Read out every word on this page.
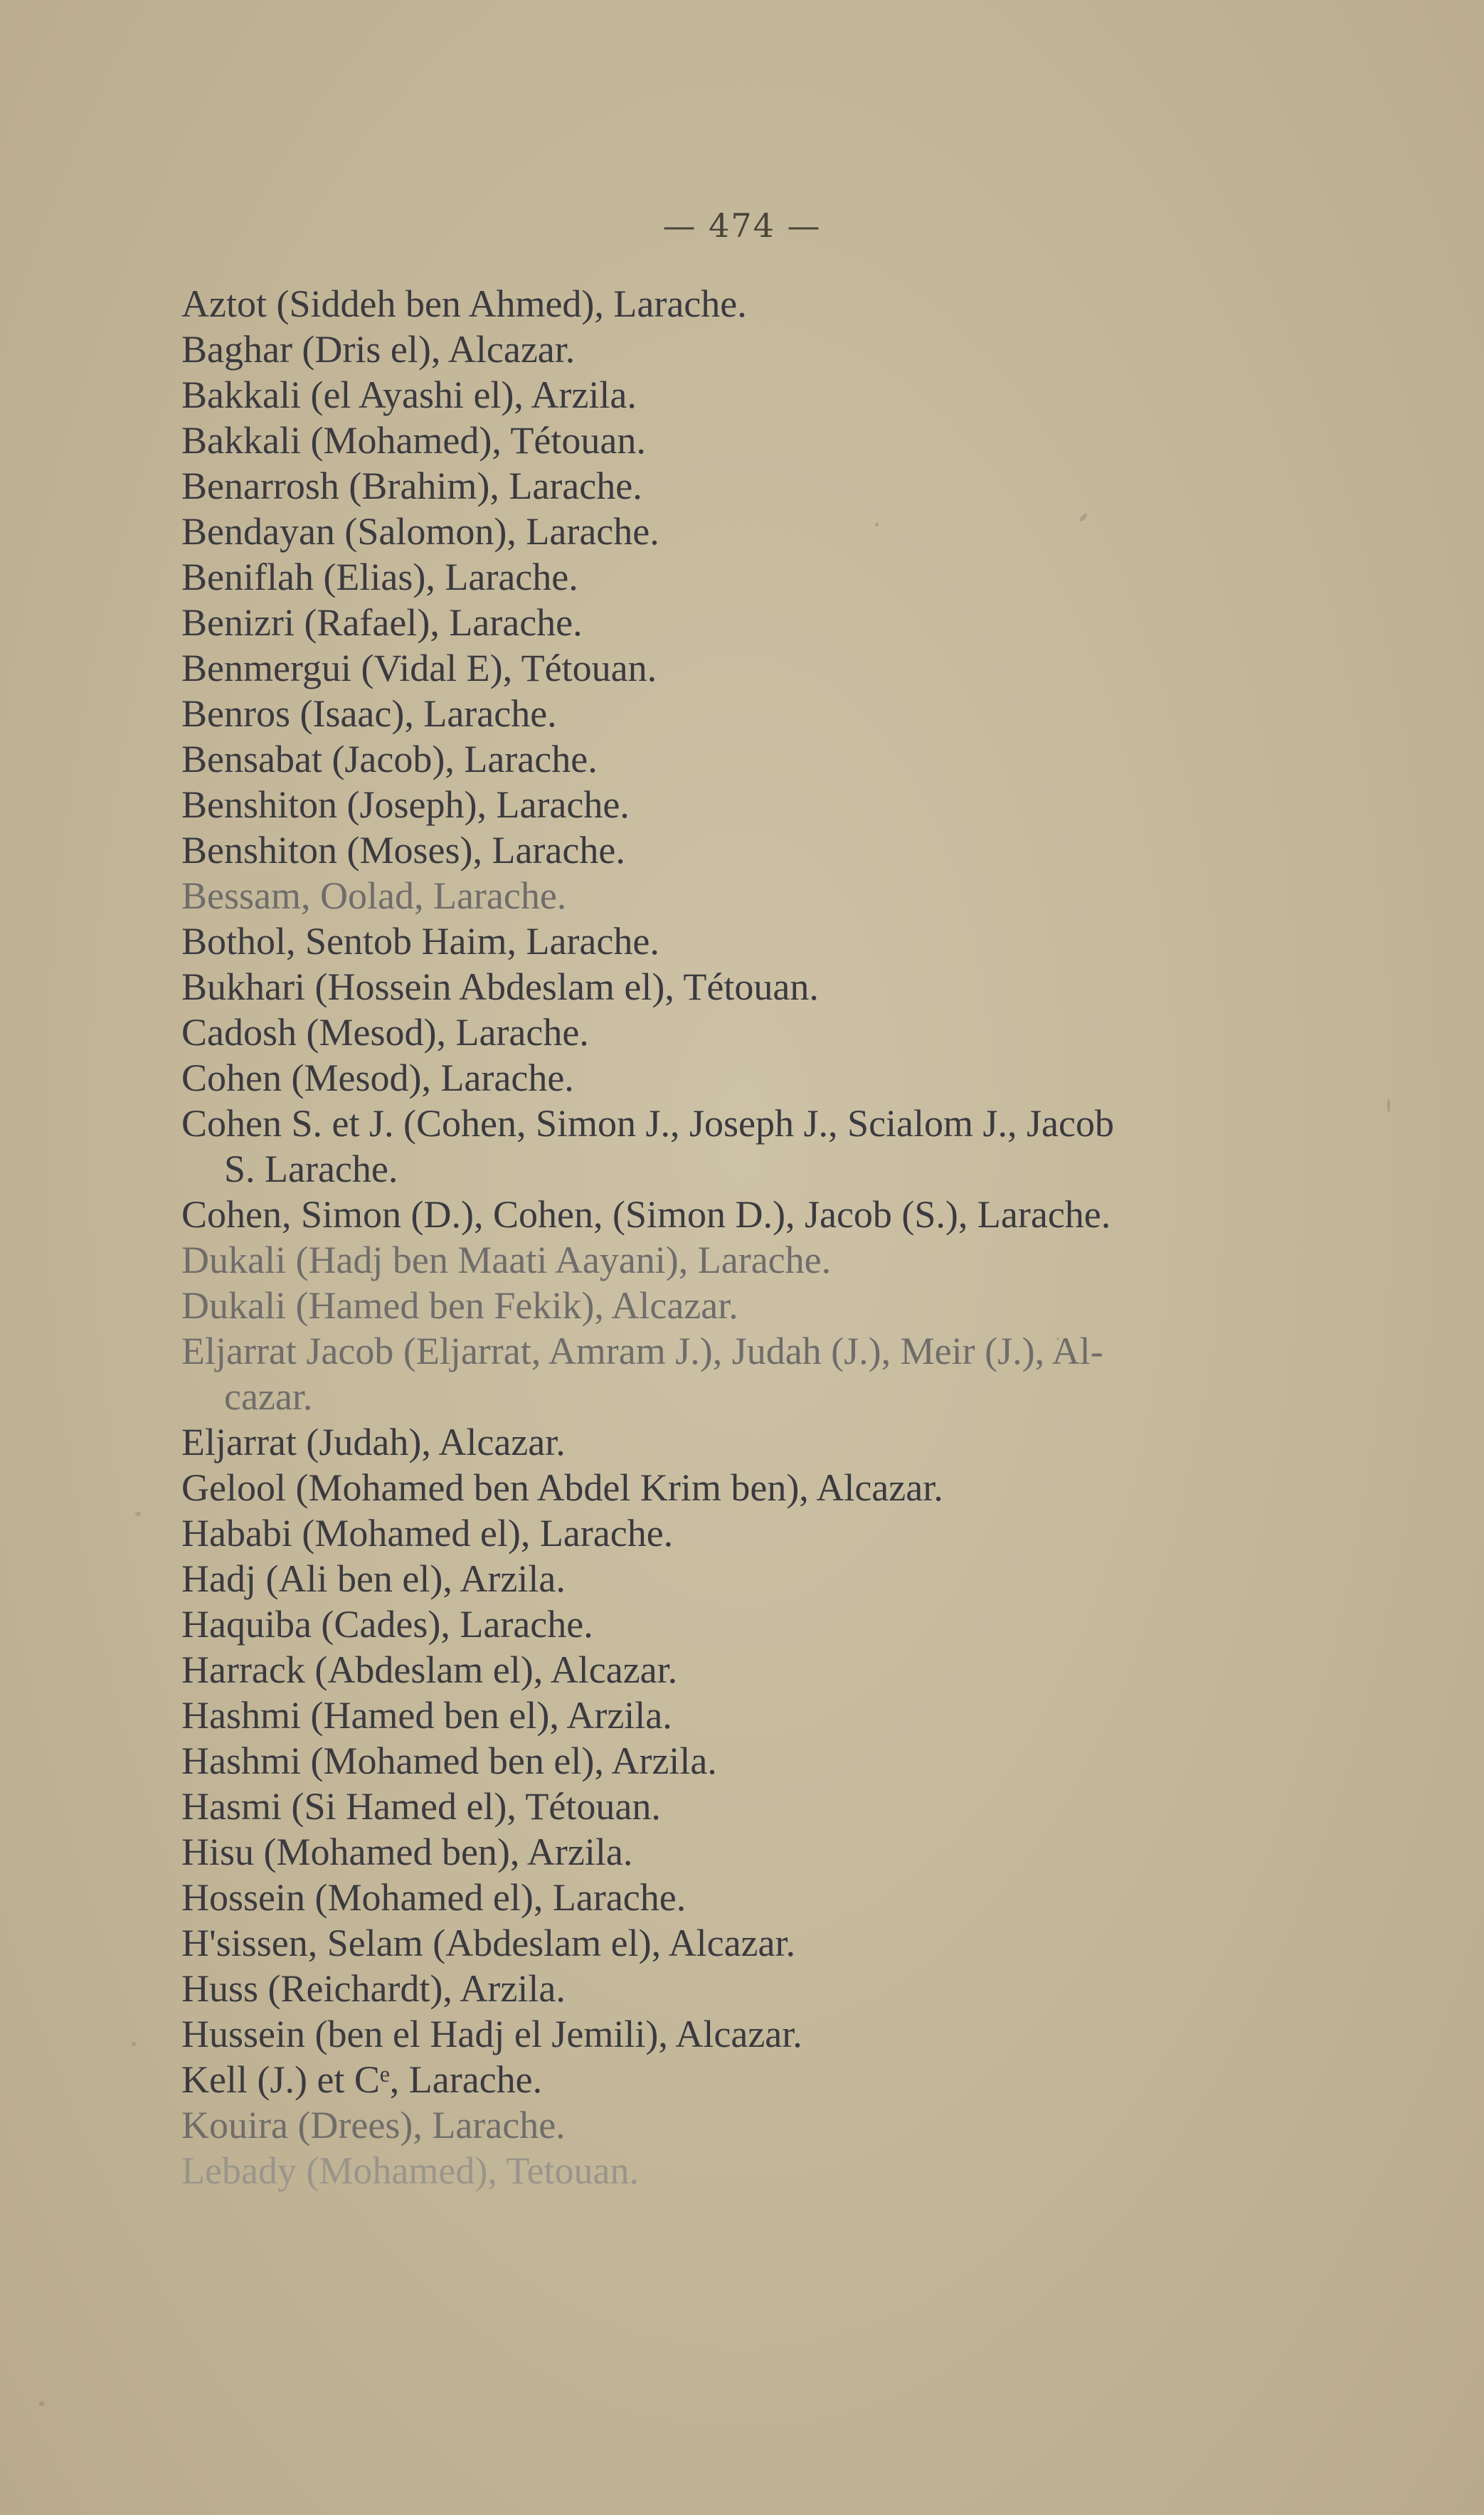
— 474 —
Aztot (Siddeh ben Ahmed), Larache.
Baghar (Dris el), Alcazar.
Bakkali (el Ayashi el), Arzila.
Bakkali (Mohamed), Tétouan.
Benarrosh (Brahim), Larache.
Bendayan (Salomon), Larache.
Beniflah (Elias), Larache.
Benizri (Rafael), Larache.
Benmergui (Vidal E), Tétouan.
Benros (Isaac), Larache.
Bensabat (Jacob), Larache.
Benshiton (Joseph), Larache.
Benshiton (Moses), Larache.
Bessam, Oolad, Larache.
Bothol, Sentob Haim, Larache.
Bukhari (Hossein Abdeslam el), Tétouan.
Cadosh (Mesod), Larache.
Cohen (Mesod), Larache.
Cohen S. et J. (Cohen, Simon J., Joseph J., Scialom J., Jacob
S. Larache.
Cohen, Simon (D.), Cohen, (Simon D.), Jacob (S.), Larache.
Dukali (Hadj ben Maati Aayani), Larache.
Dukali (Hamed ben Fekik), Alcazar.
Eljarrat Jacob (Eljarrat, Amram J.), Judah (J.), Meir (J.), Al-
cazar.
Eljarrat (Judah), Alcazar.
Gelool (Mohamed ben Abdel Krim ben), Alcazar.
Hababi (Mohamed el), Larache.
Hadj (Ali ben el), Arzila.
Haquiba (Cades), Larache.
Harrack (Abdeslam el), Alcazar.
Hashmi (Hamed ben el), Arzila.
Hashmi (Mohamed ben el), Arzila.
Hasmi (Si Hamed el), Tétouan.
Hisu (Mohamed ben), Arzila.
Hossein (Mohamed el), Larache.
H'sissen, Selam (Abdeslam el), Alcazar.
Huss (Reichardt), Arzila.
Hussein (ben el Hadj el Jemili), Alcazar.
Kell (J.) et Cᵉ, Larache.
Kouira (Drees), Larache.
Lebady (Mohamed), Tetouan.
